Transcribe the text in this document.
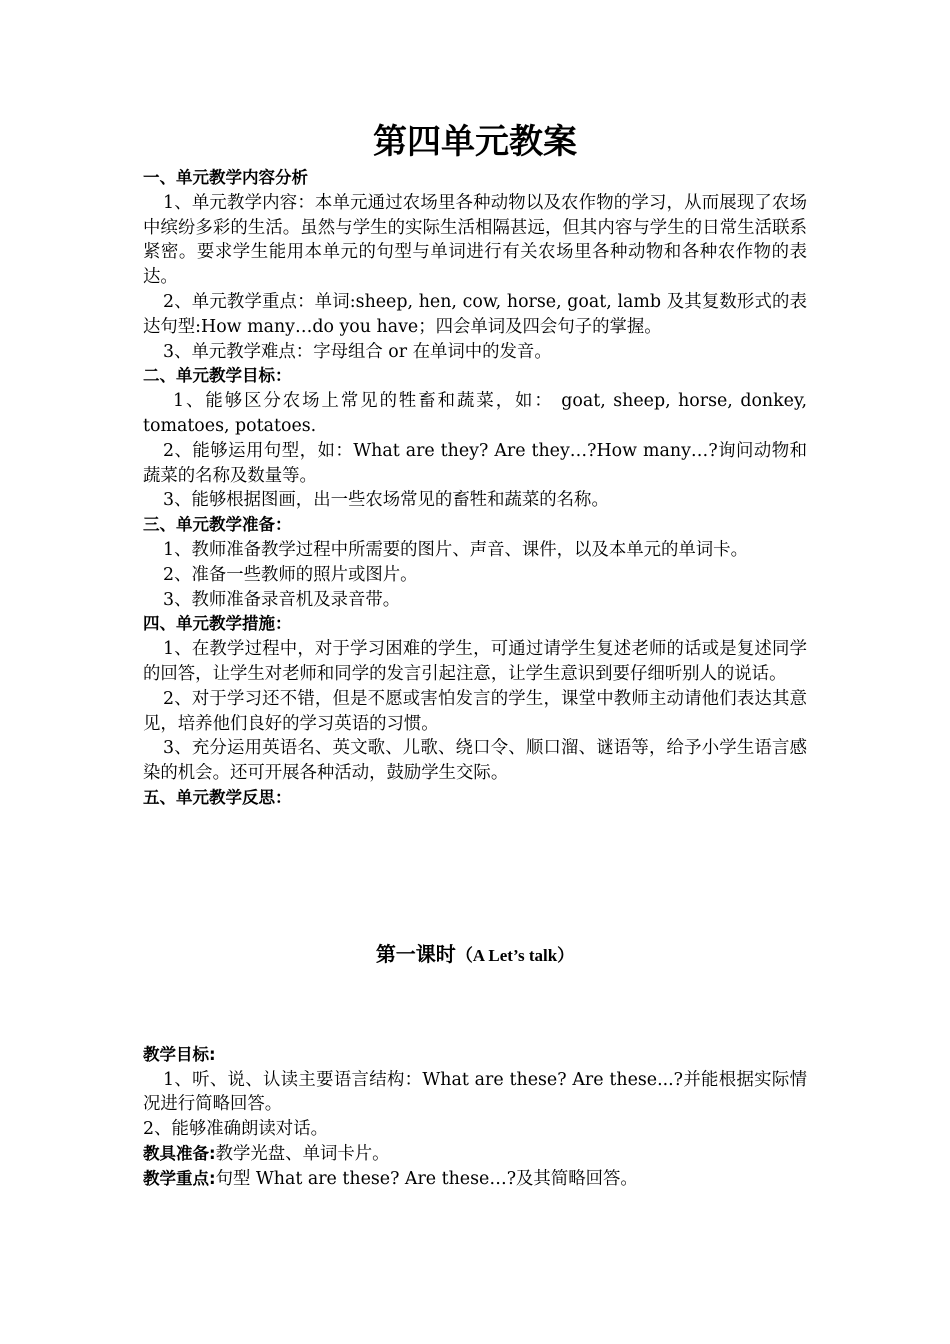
第四单元教案
一、单元教学内容分析
1、单元教学内容：本单元通过农场里各种动物以及农作物的学习，从而展现了农场中缤纷多彩的生活。虽然与学生的实际生活相隔甚远，但其内容与学生的日常生活联系紧密。要求学生能用本单元的句型与单词进行有关农场里各种动物和各种农作物的表达。
2、单元教学重点：单词:sheep, hen, cow, horse, goat, lamb 及其复数形式的表达句型:How many…do you have；四会单词及四会句子的掌握。
3、单元教学难点：字母组合 or 在单词中的发音。
二、单元教学目标：
1、能够区分农场上常见的牲畜和蔬菜，如： goat, sheep, horse, donkey, tomatoes, potatoes.
2、能够运用句型，如：What are they? Are they…?How many…?询问动物和蔬菜的名称及数量等。
3、能够根据图画，出一些农场常见的畜牲和蔬菜的名称。
三、单元教学准备：
1、教师准备教学过程中所需要的图片、声音、课件，以及本单元的单词卡。
2、准备一些教师的照片或图片。
3、教师准备录音机及录音带。
四、单元教学措施：
1、在教学过程中，对于学习困难的学生，可通过请学生复述老师的话或是复述同学的回答，让学生对老师和同学的发言引起注意，让学生意识到要仔细听别人的说话。
2、对于学习还不错，但是不愿或害怕发言的学生，课堂中教师主动请他们表达其意见，培养他们良好的学习英语的习惯。
3、充分运用英语名、英文歌、儿歌、绕口令、顺口溜、谜语等，给予小学生语言感染的机会。还可开展各种活动，鼓励学生交际。
五、单元教学反思：
第一课时（A Let’s talk）
教学目标:
1、听、说、认读主要语言结构：What are these? Are these...?并能根据实际情况进行简略回答。
2、能够准确朗读对话。
教具准备:教学光盘、单词卡片。
教学重点:句型 What are these? Are these…?及其简略回答。
